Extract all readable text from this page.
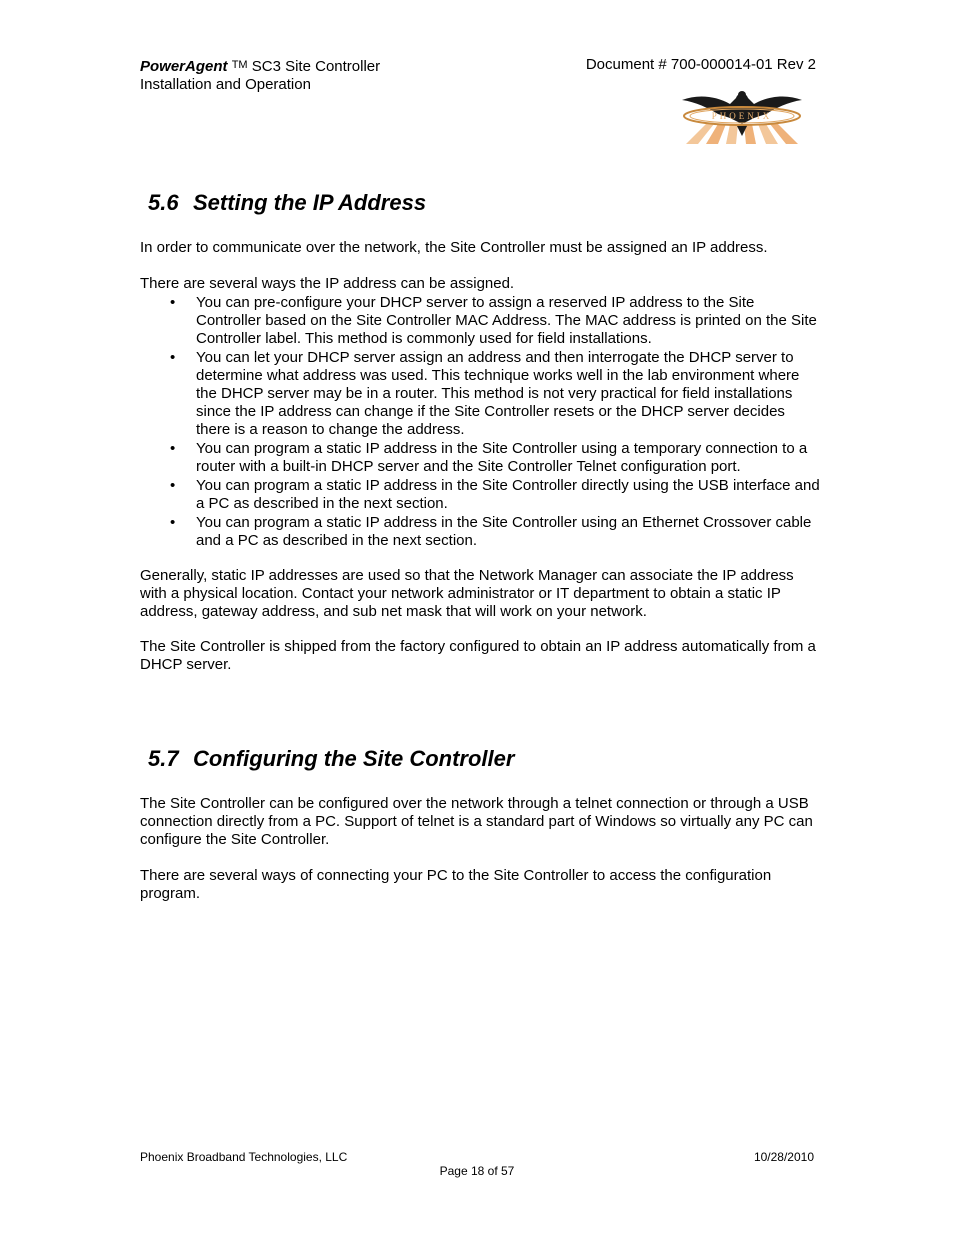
PowerAgent ™ SC3 Site Controller
Installation and Operation
Document # 700-000014-01 Rev 2
PHOENIX
5.6 Setting the IP Address

In order to communicate over the network, the Site Controller must be assigned an IP address.

There are several ways the IP address can be assigned.

• You can pre-configure your DHCP server to assign a reserved IP address to the Site Controller based on the Site Controller MAC Address. The MAC address is printed on the Site Controller label. This method is commonly used for field installations.
• You can let your DHCP server assign an address and then interrogate the DHCP server to determine what address was used. This technique works well in the lab environment where the DHCP server may be in a router. This method is not very practical for field installations since the IP address can change if the Site Controller resets or the DHCP server decides there is a reason to change the address.
• You can program a static IP address in the Site Controller using a temporary connection to a router with a built-in DHCP server and the Site Controller Telnet configuration port.
• You can program a static IP address in the Site Controller directly using the USB interface and a PC as described in the next section.
• You can program a static IP address in the Site Controller using an Ethernet Crossover cable and a PC as described in the next section.

Generally, static IP addresses are used so that the Network Manager can associate the IP address with a physical location. Contact your network administrator or IT department to obtain a static IP address, gateway address, and sub net mask that will work on your network.

The Site Controller is shipped from the factory configured to obtain an IP address automatically from a DHCP server.

5.7 Configuring the Site Controller

The Site Controller can be configured over the network through a telnet connection or through a USB connection directly from a PC. Support of telnet is a standard part of Windows so virtually any PC can configure the Site Controller.

There are several ways of connecting your PC to the Site Controller to access the configuration program.

Phoenix Broadband Technologies, LLC
Page 18 of 57
10/28/2010
